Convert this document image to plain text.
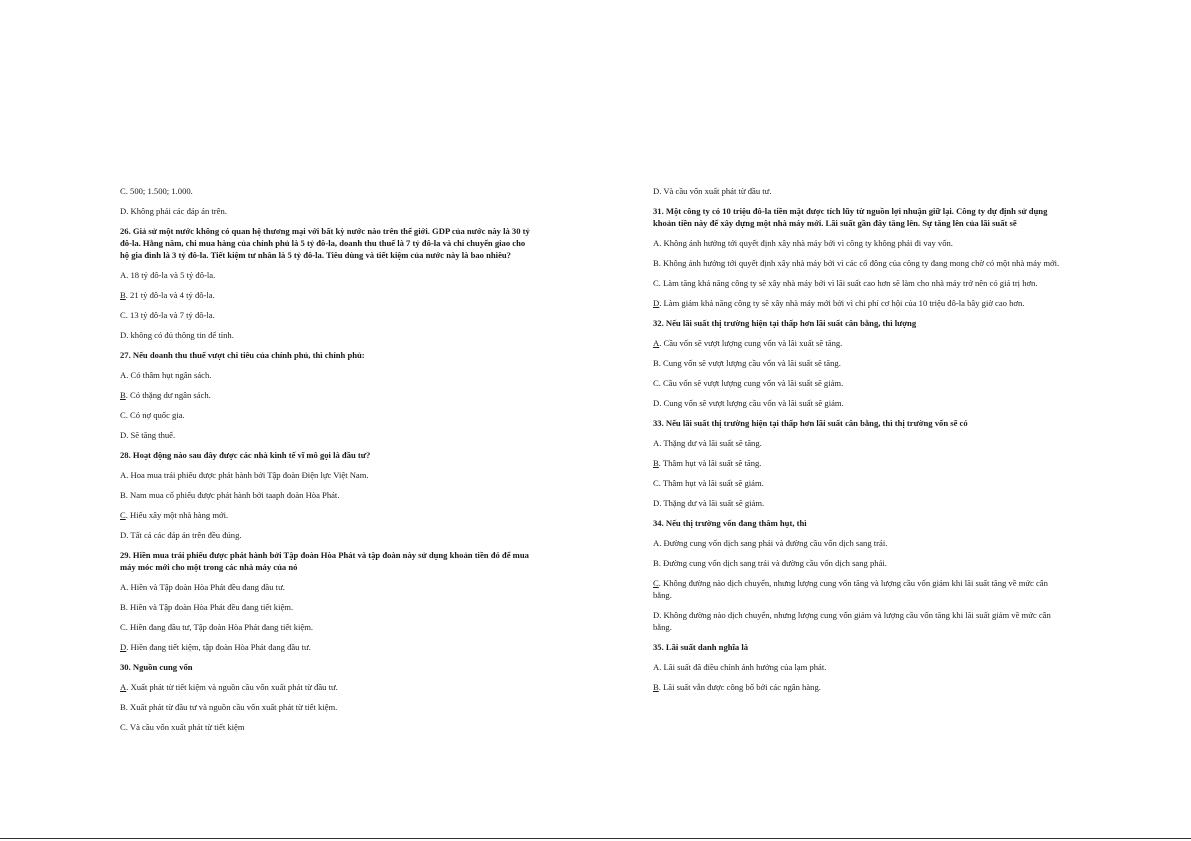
C. 500; 1.500; 1.000.

D. Không phải các đáp án trên.

26. Giả sử một nước không có quan hệ thương mại với bất kỳ nước nào trên thế giới. GDP của nước này là 30 tỷ đô-la. Hằng năm, chi mua hàng của chính phủ là 5 tỷ đô-la, doanh thu thuế là 7 tỷ đô-la và chi chuyển giao cho hộ gia đình là 3 tỷ đô-la. Tiết kiệm tư nhân là 5 tỷ đô-la. Tiêu dùng và tiết kiệm của nước này là bao nhiêu?

A. 18 tỷ đô-la và 5 tỷ đô-la.

B. 21 tỷ đô-la và 4 tỷ đô-la.

C. 13 tỷ đô-la và 7 tỷ đô-la.

D. không có đủ thông tin để tính.

27. Nếu doanh thu thuế vượt chi tiêu của chính phủ, thì chính phủ:

A. Có thâm hụt ngân sách.

B. Có thặng dư ngân sách.

C. Có nợ quốc gia.

D. Sẽ tăng thuế.

28. Hoạt động nào sau đây được các nhà kinh tế vĩ mô gọi là đầu tư?

A. Hoa mua trái phiếu được phát hành bởi Tập đoàn Điện lực Việt Nam.

B. Nam mua cổ phiếu được phát hành bởi taaph đoàn Hòa Phát.

C. Hiếu xây một nhà hàng mới.

D. Tất cả các đáp án trên đều đúng.

29. Hiền mua trái phiếu được phát hành bởi Tập đoàn Hòa Phát và tập đoàn này sử dụng khoản tiền đó để mua máy móc mới cho một trong các nhà máy của nó

A. Hiền và Tập đoàn Hòa Phát đều đang đầu tư.

B. Hiền và Tập đoàn Hòa Phát đều đang tiết kiệm.

C. Hiền đang đầu tư, Tập đoàn Hòa Phát đang tiết kiệm.

D. Hiền đang tiết kiệm, tập đoàn Hòa Phát đang đầu tư.

30. Nguồn cung vốn

A. Xuất phát từ tiết kiệm và nguồn cầu vốn xuất phát từ đầu tư.

B. Xuất phát từ đầu tư và nguồn cầu vốn xuất phát từ tiết kiệm.

C. Và cầu vốn xuất phát từ tiết kiệm

D. Và cầu vốn xuất phát từ đầu tư.

31. Một công ty có 10 triệu đô-la tiền mặt được tích lũy từ nguồn lợi nhuận giữ lại. Công ty dự định sử dụng khoản tiền này để xây dựng một nhà máy mới. Lãi suất gần đây tăng lên. Sự tăng lên của lãi suất sẽ

A. Không ảnh hưởng tới quyết định xây nhà máy bởi vì công ty không phải đi vay vốn.

B. Không ảnh hưởng tới quyết định xây nhà máy bởi vì các cổ đông của công ty đang mong chờ có một nhà máy mới.

C. Làm tăng khả năng công ty sẽ xây nhà máy bởi vì lãi suất cao hơn sẽ làm cho nhà máy trở nên có giá trị hơn.

D. Làm giảm khả năng công ty sẽ xây nhà máy mới bởi vì chi phí cơ hội của 10 triệu đô-la bây giờ cao hơn.

32. Nếu lãi suất thị trường hiện tại thấp hơn lãi suất cân bằng, thì lượng

A. Cầu vốn sẽ vượt lượng cung vốn và lãi xuất sẽ tăng.

B. Cung vốn sẽ vượt lượng cầu vốn và lãi suất sẽ tăng.

C. Cầu vốn sẽ vượt lượng cung vốn và lãi suất sẽ giảm.

D. Cung vốn sẽ vượt lượng cầu vốn và lãi suất sẽ giảm.

33. Nếu lãi suất thị trường hiện tại thấp hơn lãi suất cân bằng, thì thị trường vốn sẽ có

A. Thặng dư và lãi suất sẽ tăng.

B. Thâm hụt và lãi suất sẽ tăng.

C. Thâm hụt và lãi suất sẽ giảm.

D. Thặng dư và lãi suất sẽ giảm.

34. Nếu thị trường vốn đang thâm hụt, thì

A. Đường cung vốn dịch sang phải và đường cầu vốn dịch sang trái.

B. Đường cung vốn dịch sang trái và đường cầu vốn dịch sang phải.

C. Không đường nào dịch chuyển, nhưng lượng cung vốn tăng và lượng cầu vốn giảm khi lãi suất tăng về mức cân bằng.

D. Không đường nào dịch chuyển, nhưng lượng cung vốn giảm và lượng cầu vốn tăng khi lãi suất giảm về mức cân bằng.

35. Lãi suất danh nghĩa là

A. Lãi suất đã điều chỉnh ảnh hưởng của lạm phát.

B. Lãi suất vẫn được công bố bởi các ngân hàng.
